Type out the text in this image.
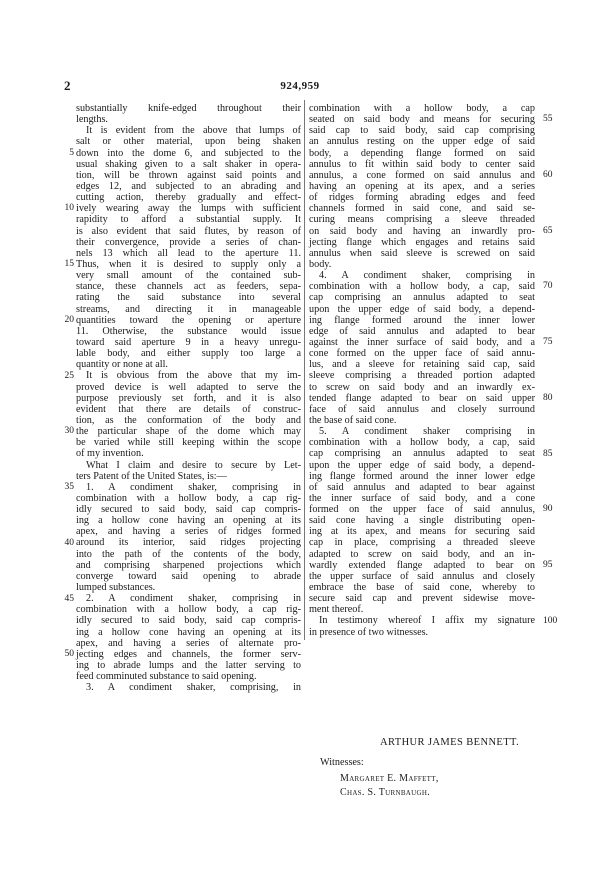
2	924,959
substantially knife-edged throughout their
lengths.
It is evident from the above that lumps of
salt or other material, upon being shaken
down into the dome 6, and subjected to the
usual shaking given to a salt shaker in opera-
tion, will be thrown against said points and
edges 12, and subjected to an abrading and
cutting action, thereby gradually and effect-
ively wearing away the lumps with sufficient
rapidity to afford a substantial supply. It
is also evident that said flutes, by reason of
their convergence, provide a series of chan-
nels 13 which all lead to the aperture 11.
Thus, when it is desired to supply only a
very small amount of the contained sub-
stance, these channels act as feeders, sepa-
rating the said substance into several
streams, and directing it in manageable
quantities toward the opening or aperture
11. Otherwise, the substance would issue
toward said aperture 9 in a heavy unregu-
lable body, and either supply too large a
quantity or none at all.
It is obvious from the above that my im-
proved device is well adapted to serve the
purpose previously set forth, and it is also
evident that there are details of construc-
tion, as the conformation of the body and
the particular shape of the dome which may
be varied while still keeping within the scope
of my invention.
What I claim and desire to secure by Let-
ters Patent of the United States, is:—
1. A condiment shaker, comprising in
combination with a hollow body, a cap rig-
idly secured to said body, said cap compris-
ing a hollow cone having an opening at its
apex, and having a series of ridges formed
around its interior, said ridges projecting
into the path of the contents of the body,
and comprising sharpened projections which
converge toward said opening to abrade
lumped substances.
2. A condiment shaker, comprising in
combination with a hollow body, a cap rig-
idly secured to said body, said cap compris-
ing a hollow cone having an opening at its
apex, and having a series of alternate pro-
jecting edges and channels, the former serv-
ing to abrade lumps and the latter serving to
feed comminuted substance to said opening.
3. A condiment shaker, comprising, in
combination with a hollow body, a cap
seated on said body and means for securing
said cap to said body, said cap comprising
an annulus resting on the upper edge of said
body, a depending flange formed on said
annulus to fit within said body to center said
annulus, a cone formed on said annulus and
having an opening at its apex, and a series
of ridges forming abrading edges and feed
channels formed in said cone, and said se-
curing means comprising a sleeve threaded
on said body and having an inwardly pro-
jecting flange which engages and retains said
annulus when said sleeve is screwed on said
body.
4. A condiment shaker, comprising in
combination with a hollow body, a cap, said
cap comprising an annulus adapted to seat
upon the upper edge of said body, a depend-
ing flange formed around the inner lower
edge of said annulus and adapted to bear
against the inner surface of said body, and a
cone formed on the upper face of said annu-
lus, and a sleeve for retaining said cap, said
sleeve comprising a threaded portion adapted
to screw on said body and an inwardly ex-
tended flange adapted to bear on said upper
face of said annulus and closely surround
the base of said cone.
5. A condiment shaker comprising in
combination with a hollow body, a cap, said
cap comprising an annulus adapted to seat
upon the upper edge of said body, a depend-
ing flange formed around the inner lower edge
of said annulus and adapted to bear against
the inner surface of said body, and a cone
formed on the upper face of said annulus,
said cone having a single distributing open-
ing at its apex, and means for securing said
cap in place, comprising a threaded sleeve
adapted to screw on said body, and an in-
wardly extended flange adapted to bear on
the upper surface of said annulus and closely
embrace the base of said cone, whereby to
secure said cap and prevent sidewise move-
ment thereof.
In testimony whereof I affix my signature
in presence of two witnesses.
5
10
15
20
25
30
35
40
45
50
55
60
65
70
75
80
85
90
95
100
ARTHUR JAMES BENNETT.
Witnesses:
Margaret E. Maffett,
Chas. S. Turnbaugh.
